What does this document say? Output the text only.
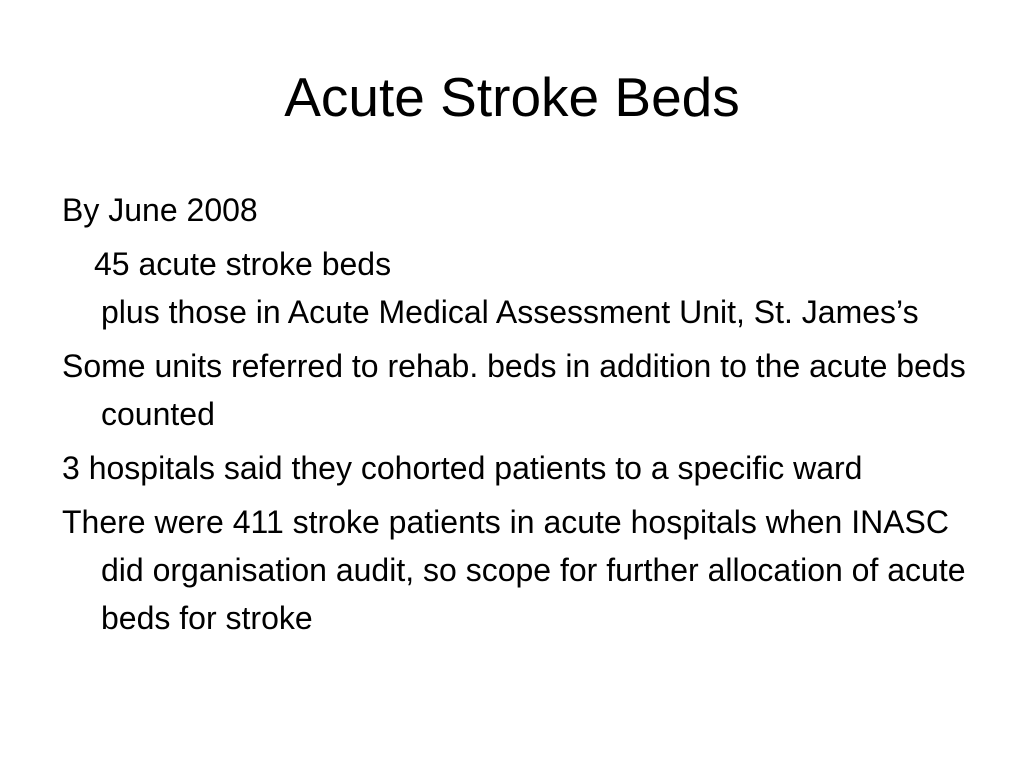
Acute Stroke Beds

By June 2008

45 acute stroke beds

plus those in Acute Medical Assessment Unit, St. James’s

Some units referred to rehab. beds in addition to the acute beds counted

3 hospitals said they cohorted patients to a specific ward

There were 411 stroke patients in acute hospitals when INASC did organisation audit, so scope for further allocation of acute beds for stroke
